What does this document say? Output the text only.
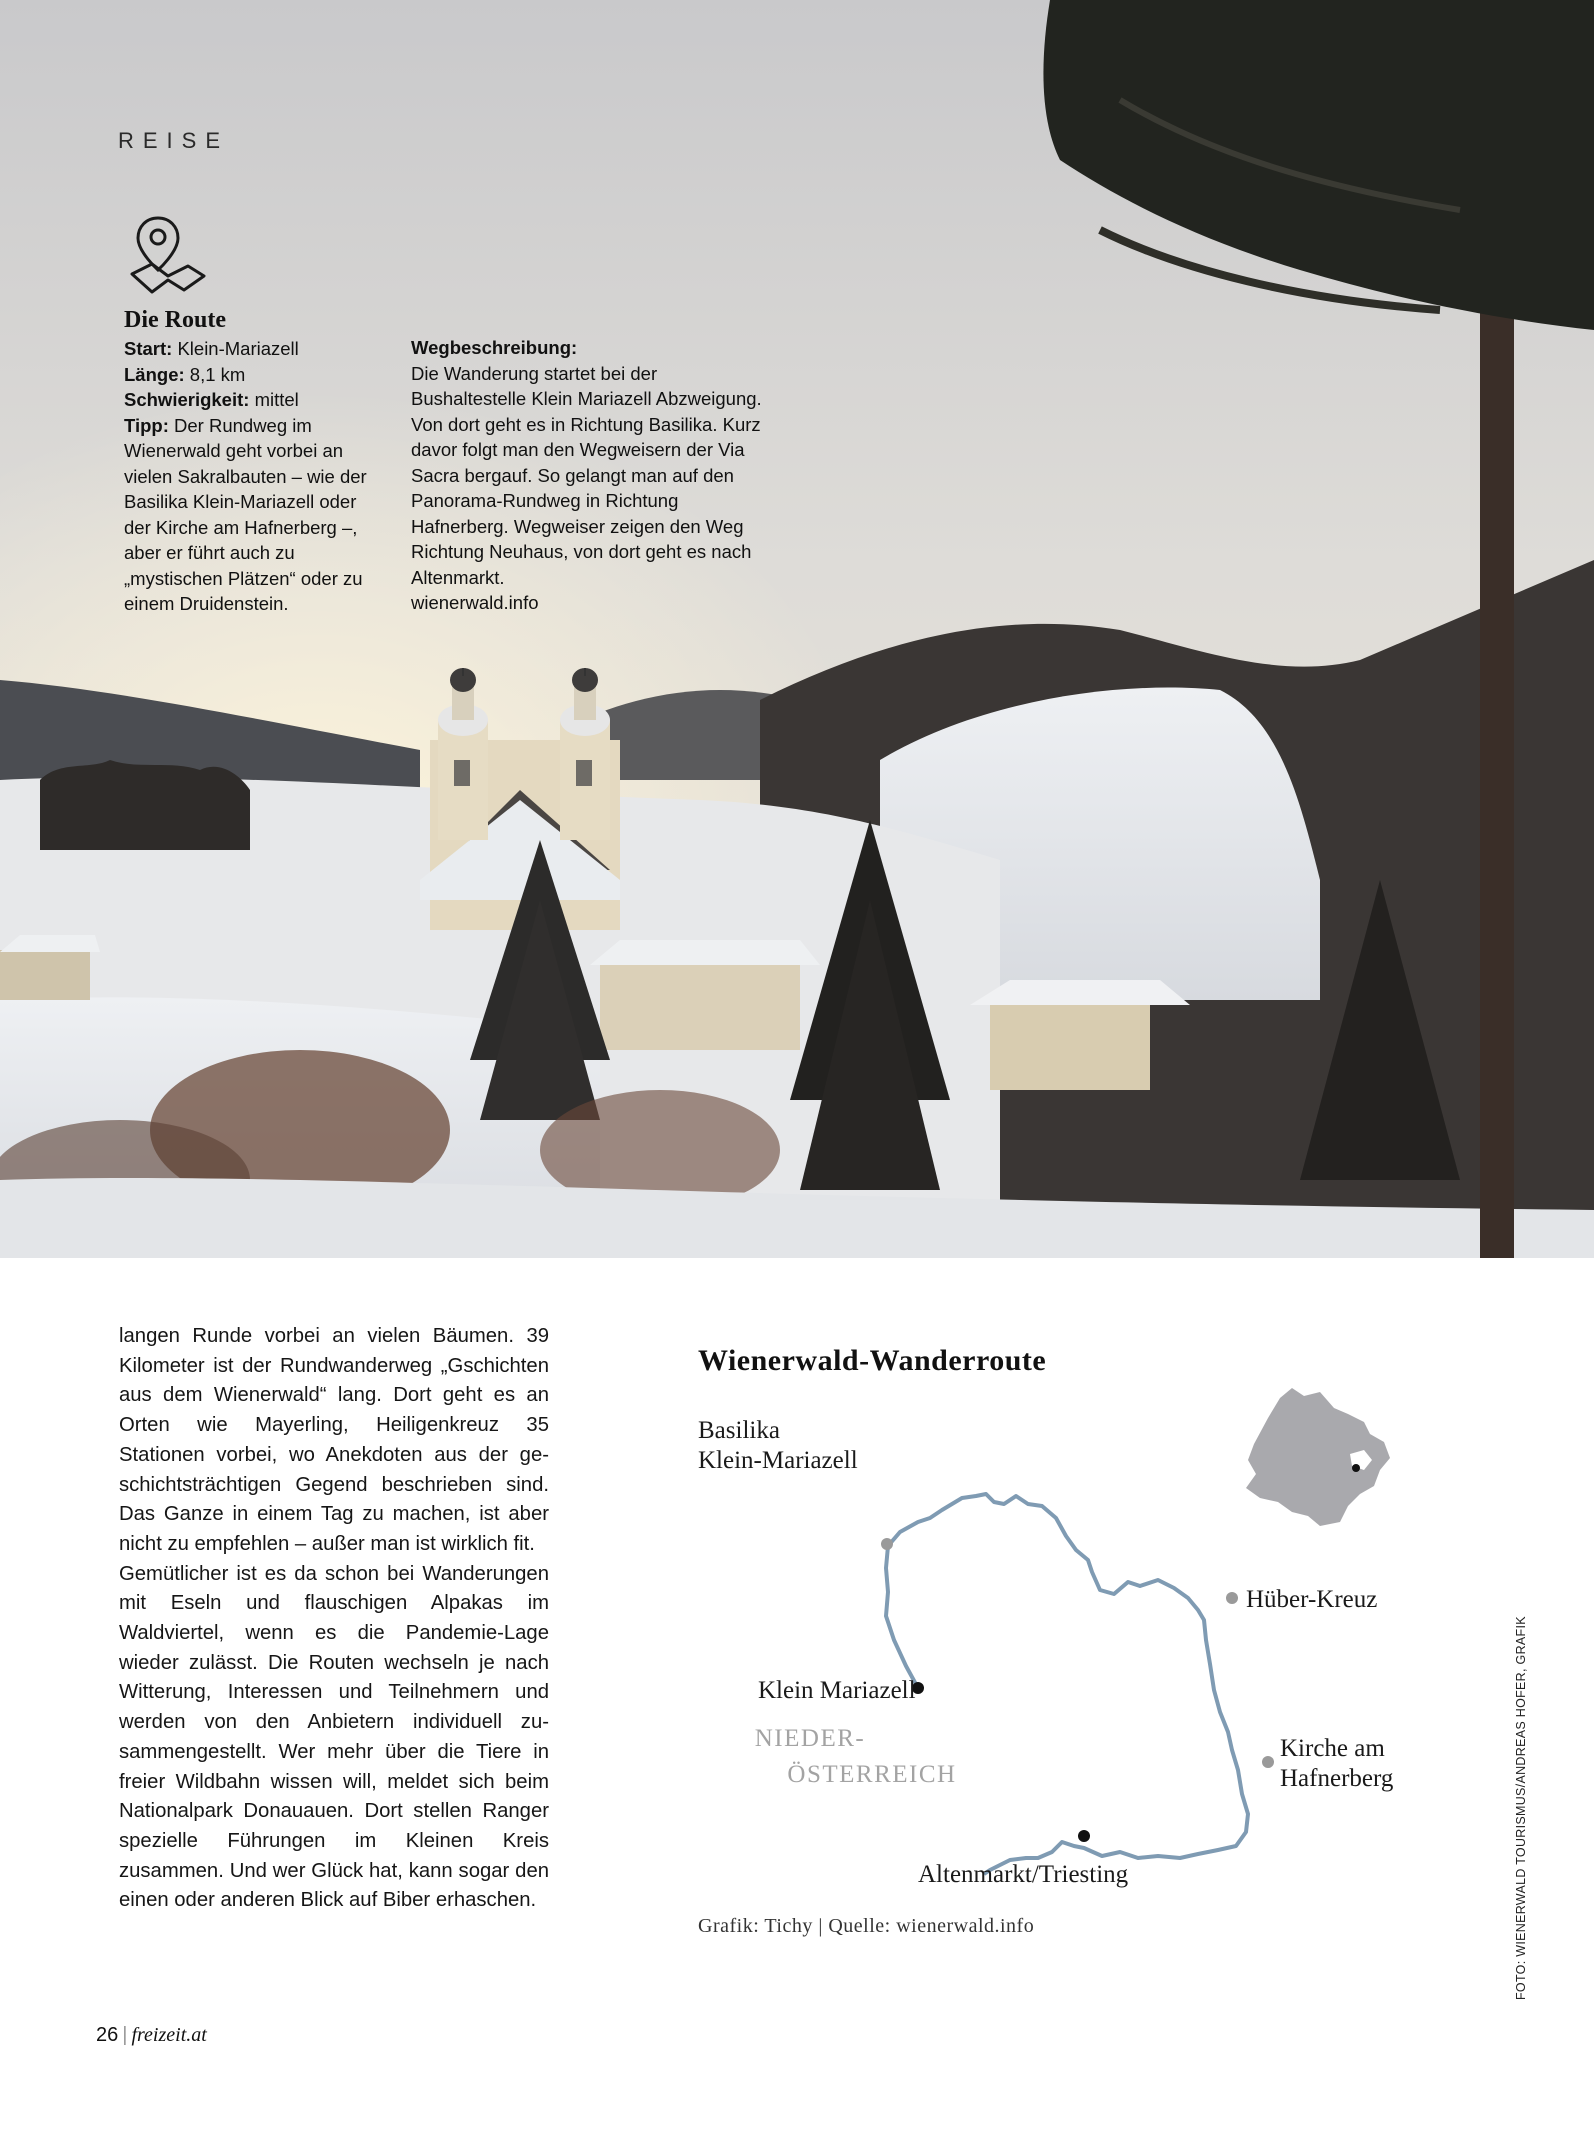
REISE
Die Route
Start: Klein-Mariazell
Länge: 8,1 km
Schwierigkeit: mittel
Tipp: Der Rundweg im Wienerwald geht vorbei an vielen Sakralbauten – wie der Basilika Klein-Mariazell oder der Kirche am Hafnerberg –, aber er führt auch zu „mystischen Plätzen“ oder zu einem Druidenstein.
Wegbeschreibung:
Die Wanderung startet bei der Bushaltestelle Klein Mariazell Abzweigung. Von dort geht es in Richtung Basilika. Kurz davor folgt man den Wegweisern der Via Sacra bergauf. So gelangt man auf den Panorama-Rundweg in Richtung Hafnerberg. Wegweiser zeigen den Weg Richtung Neuhaus, von dort geht es nach Altenmarkt.
wienerwald.info

langen Runde vorbei an vielen Bäumen. 39 Kilometer ist der Rundwanderweg „Gschichten aus dem Wienerwald“ lang. Dort geht es an Orten wie Mayerling, Heiligenkreuz 35 Stationen vorbei, wo Anekdoten aus der geschichtsträchtigen Gegend beschrieben sind. Das Ganze in einem Tag zu machen, ist aber nicht zu empfehlen – außer man ist wirklich fit.

Gemütlicher ist es da schon bei Wanderungen mit Eseln und flauschigen Alpakas im Waldviertel, wenn es die Pandemie-Lage wieder zulässt. Die Routen wechseln je nach Witterung, Interessen und Teilnehmern und werden von den Anbietern individuell zusammengestellt. Wer mehr über die Tiere in freier Wildbahn wissen will, meldet sich beim Nationalpark Donauauen. Dort stellen Ranger spezielle Führungen im Kleinen Kreis zusammen. Und wer Glück hat, kann sogar den einen oder anderen Blick auf Biber erhaschen.

Wienerwald-Wanderroute
Basilika
Klein-Mariazell
Hüber-Kreuz
Klein Mariazell
NIEDER-
ÖSTERREICH
Kirche am
Hafnerberg
Altenmarkt/Triesting
Grafik: Tichy | Quelle: wienerwald.info	FOTO: WIENERWALD TOURISMUS/ANDREAS HOFER, GRAFIK
26 | freizeit.at
